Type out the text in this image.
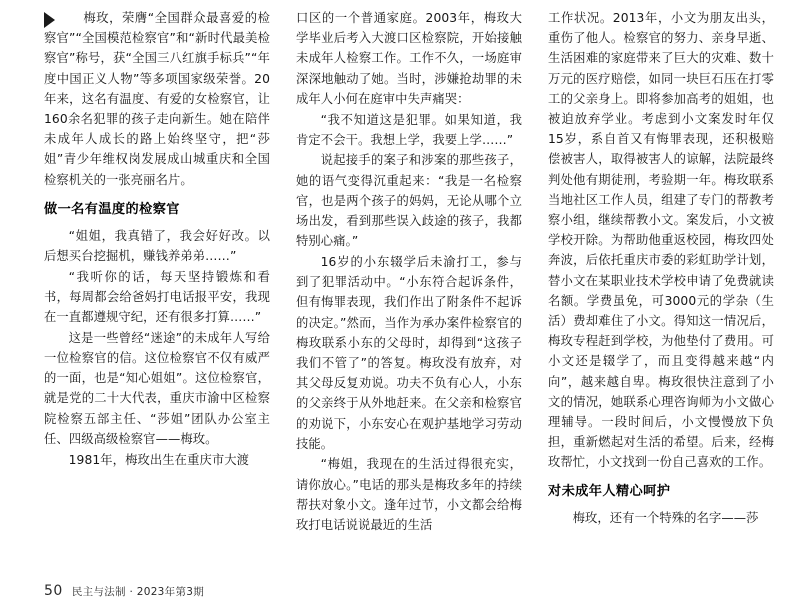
梅玫，荣膺“全国群众最喜爱的检察官”“全国模范检察官”和“新时代最美检察官”称号，获“全国三八红旗手标兵”“年度中国正义人物”等多项国家级荣誉。20年来，这名有温度、有爱的女检察官，让160余名犯罪的孩子走向新生。她在陪伴未成年人成长的路上始终坚守，把“莎姐”青少年维权岗发展成山城重庆和全国检察机关的一张亮丽名片。

做一名有温度的检察官

“姐姐，我真错了，我会好好改。以后想买台挖掘机，赚钱养弟弟……”

“我听你的话，每天坚持锻炼和看书，每周都会给爸妈打电话报平安，我现在一直都遵规守纪，还有很多打算……”

这是一些曾经“迷途”的未成年人写给一位检察官的信。这位检察官不仅有威严的一面，也是“知心姐姐”。这位检察官，就是党的二十大代表，重庆市渝中区检察院检察五部主任、“莎姐”团队办公室主任、四级高级检察官——梅玫。

1981年，梅玫出生在重庆市大渡

口区的一个普通家庭。2003年，梅玫大学毕业后考入大渡口区检察院，开始接触未成年人检察工作。工作不久，一场庭审深深地触动了她。当时，涉嫌抢劫罪的未成年人小何在庭审中失声痛哭：

“我不知道这是犯罪。如果知道，我肯定不会干。我想上学，我要上学……”

说起接手的案子和涉案的那些孩子，她的语气变得沉重起来：“我是一名检察官，也是两个孩子的妈妈，无论从哪个立场出发，看到那些误入歧途的孩子，我都特别心痛。”

16岁的小东辍学后未渝打工，参与到了犯罪活动中。“小东符合起诉条件，但有悔罪表现，我们作出了附条件不起诉的决定。”然而，当作为承办案件检察官的梅玫联系小东的父母时，却得到“这孩子我们不管了”的答复。梅玫没有放弃，对其父母反复劝说。功夫不负有心人，小东的父亲终于从外地赶来。在父亲和检察官的劝说下，小东安心在观护基地学习劳动技能。

“梅姐，我现在的生活过得很充实，请你放心。”电话的那头是梅玫多年的持续帮扶对象小文。逢年过节，小文都会给梅玫打电话说说最近的生活

工作状况。2013年，小文为朋友出头，重伤了他人。检察官的努力、亲身早逝、生活困难的家庭带来了巨大的灾难、数十万元的医疗赔偿，如同一块巨石压在打零工的父亲身上。即将参加高考的姐姐，也被迫放弃学业。考虑到小文案发时年仅15岁，系自首又有悔罪表现，还积极赔偿被害人，取得被害人的谅解，法院最终判处他有期徒刑，考验期一年。梅玫联系当地社区工作人员，组建了专门的帮教考察小组，继续帮教小文。案发后，小文被学校开除。为帮助他重返校园，梅玫四处奔波，后依托重庆市委的彩虹助学计划，替小文在某职业技术学校申请了免费就读名额。学费虽免，可3000元的学杂（生活）费却难住了小文。得知这一情况后，梅玫专程赶到学校，为他垫付了费用。可小文还是辍学了，而且变得越来越“内向”，越来越自卑。梅玫很快注意到了小文的情况，她联系心理咨询师为小文做心理辅导。一段时间后，小文慢慢放下负担，重新燃起对生活的希望。后来，经梅玫帮忙，小文找到一份自己喜欢的工作。

对未成年人精心呵护

梅玫，还有一个特殊的名字——莎

50 民主与法制 · 2023年第3期
